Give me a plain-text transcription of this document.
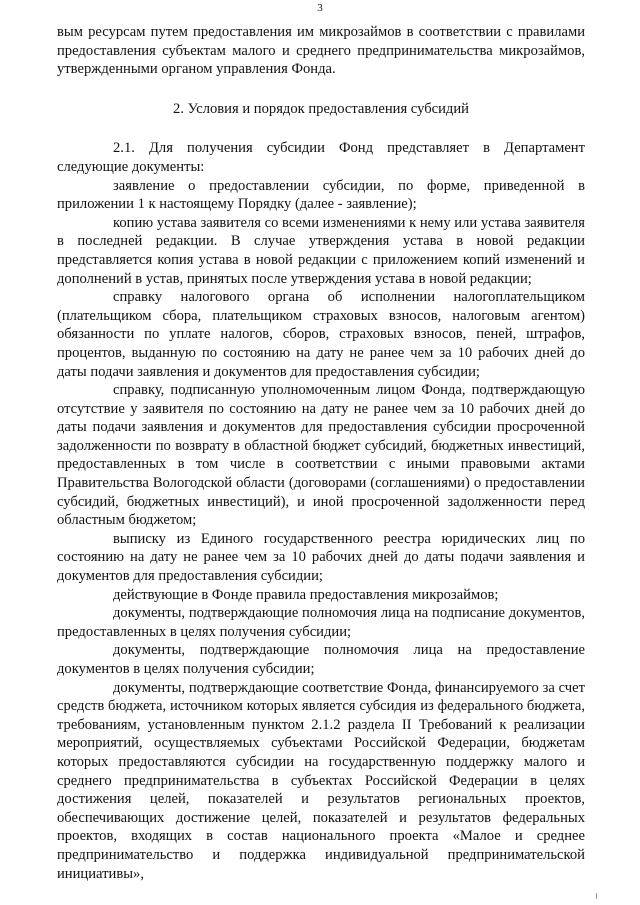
3

вым ресурсам путем предоставления им микрозаймов в соответствии с правилами предоставления субъектам малого и среднего предпринимательства микрозаймов, утвержденными органом управления Фонда.

2. Условия и порядок предоставления субсидий

2.1. Для получения субсидии Фонд представляет в Департамент следующие документы:

заявление о предоставлении субсидии, по форме, приведенной в приложении 1 к настоящему Порядку (далее - заявление);

копию устава заявителя со всеми изменениями к нему или устава заявителя в последней редакции. В случае утверждения устава в новой редакции представляется копия устава в новой редакции с приложением копий изменений и дополнений в устав, принятых после утверждения устава в новой редакции;

справку налогового органа об исполнении налогоплательщиком (плательщиком сбора, плательщиком страховых взносов, налоговым агентом) обязанности по уплате налогов, сборов, страховых взносов, пеней, штрафов, процентов, выданную по состоянию на дату не ранее чем за 10 рабочих дней до даты подачи заявления и документов для предоставления субсидии;

справку, подписанную уполномоченным лицом Фонда, подтверждающую отсутствие у заявителя по состоянию на дату не ранее чем за 10 рабочих дней до даты подачи заявления и документов для предоставления субсидии просроченной задолженности по возврату в областной бюджет субсидий, бюджетных инвестиций, предоставленных в том числе в соответствии с иными правовыми актами Правительства Вологодской области (договорами (соглашениями) о предоставлении субсидий, бюджетных инвестиций), и иной просроченной задолженности перед областным бюджетом;

выписку из Единого государственного реестра юридических лиц по состоянию на дату не ранее чем за 10 рабочих дней до даты подачи заявления и документов для предоставления субсидии;

действующие в Фонде правила предоставления микрозаймов;

документы, подтверждающие полномочия лица на подписание документов, предоставленных в целях получения субсидии;

документы, подтверждающие полномочия лица на предоставление документов в целях получения субсидии;

документы, подтверждающие соответствие Фонда, финансируемого за счет средств бюджета, источником которых является субсидия из федерального бюджета, требованиям, установленным пунктом 2.1.2 раздела II Требований к реализации мероприятий, осуществляемых субъектами Российской Федерации, бюджетам которых предоставляются субсидии на государственную поддержку малого и среднего предпринимательства в субъектах Российской Федерации в целях достижения целей, показателей и результатов региональных проектов, обеспечивающих достижение целей, показателей и результатов федеральных проектов, входящих в состав национального проекта «Малое и среднее предпринимательство и поддержка индивидуальной предпринимательской инициативы»,
